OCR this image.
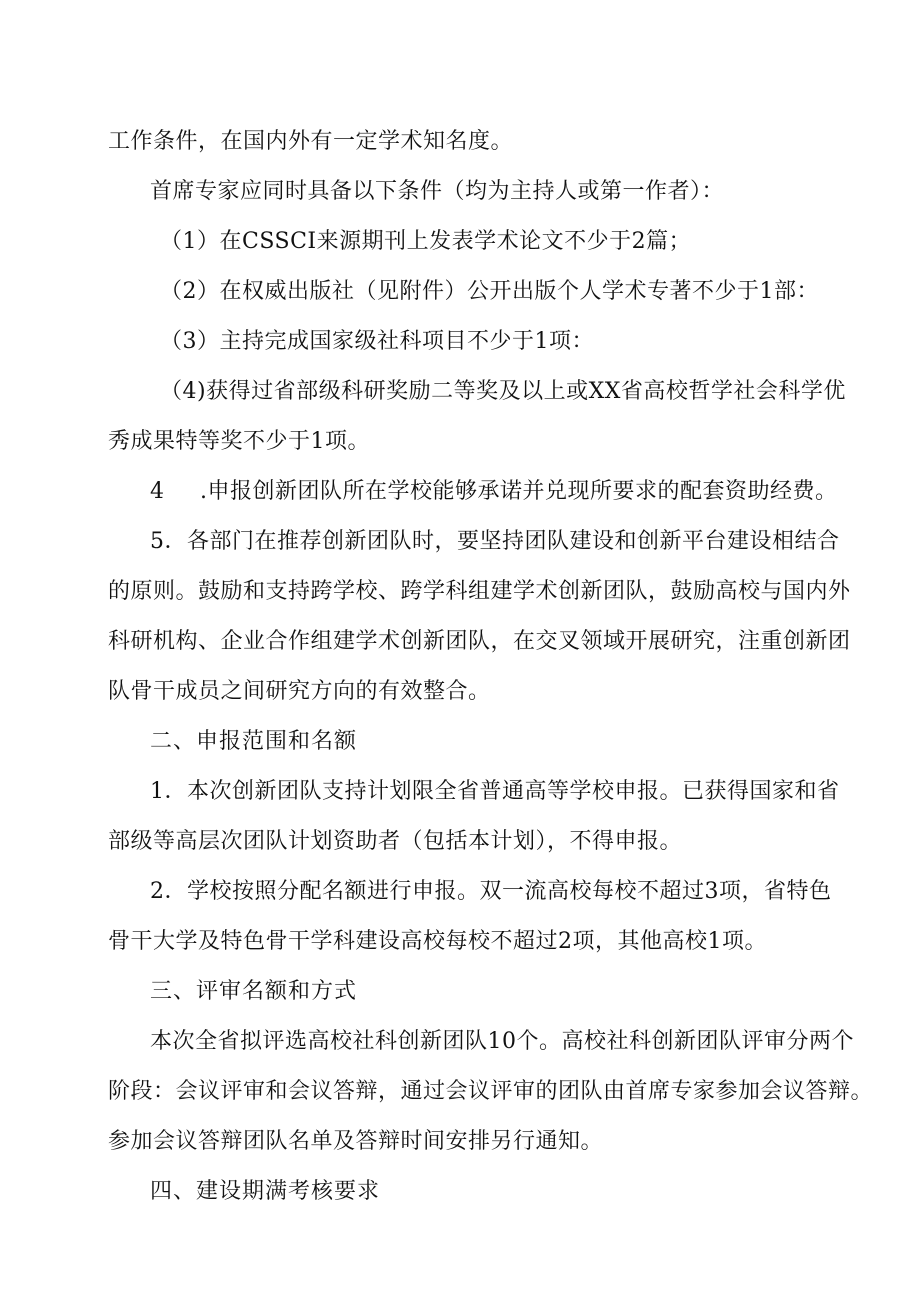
工作条件，在国内外有一定学术知名度。
首席专家应同时具备以下条件（均为主持人或第一作者）：
（1）在CSSCI来源期刊上发表学术论文不少于2篇；
（2）在权威出版社（见附件）公开出版个人学术专著不少于1部：
（3）主持完成国家级社科项目不少于1项：
（4)获得过省部级科研奖励二等奖及以上或XX省高校哲学社会科学优
秀成果特等奖不少于1项。
4	.申报创新团队所在学校能够承诺并兑现所要求的配套资助经费。
5．各部门在推荐创新团队时，要坚持团队建设和创新平台建设相结合
的原则。鼓励和支持跨学校、跨学科组建学术创新团队，鼓励高校与国内外
科研机构、企业合作组建学术创新团队，在交叉领域开展研究，注重创新团
队骨干成员之间研究方向的有效整合。
二、申报范围和名额
1．本次创新团队支持计划限全省普通高等学校申报。已获得国家和省
部级等高层次团队计划资助者（包括本计划），不得申报。
2．学校按照分配名额进行申报。双一流高校每校不超过3项，省特色
骨干大学及特色骨干学科建设高校每校不超过2项，其他高校1项。
三、评审名额和方式
本次全省拟评选高校社科创新团队10个。高校社科创新团队评审分两个
阶段：会议评审和会议答辩，通过会议评审的团队由首席专家参加会议答辩。
参加会议答辩团队名单及答辩时间安排另行通知。
四、建设期满考核要求
